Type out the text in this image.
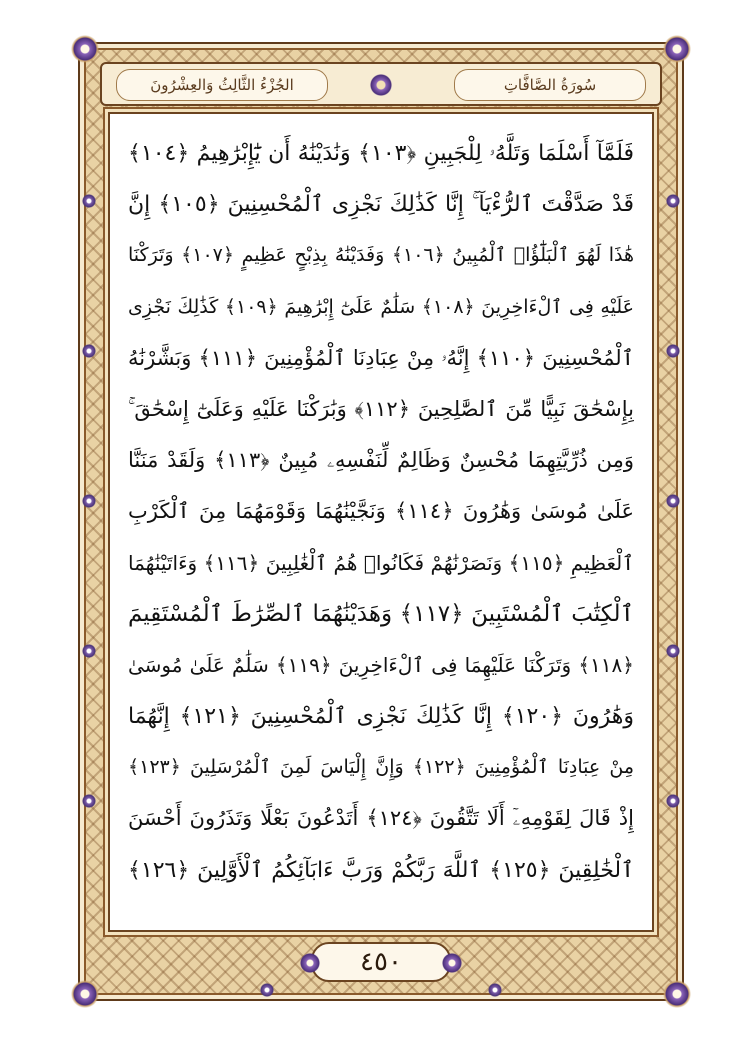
سُورَةُ الصَّافَّاتِ
الجُزْءُ الثَّالِثُ وَالعِشْرُونَ
فَلَمَّآ أَسْلَمَا وَتَلَّهُۥ لِلْجَبِينِ ﴿١٠٣﴾ وَنَٰدَيْنَٰهُ أَن يَٰٓإِبْرَٰهِيمُ ﴿١٠٤﴾
قَدْ صَدَّقْتَ ٱلرُّءْيَآ ۚ إِنَّا كَذَٰلِكَ نَجْزِى ٱلْمُحْسِنِينَ ﴿١٠٥﴾ إِنَّ
هَٰذَا لَهُوَ ٱلْبَلَٰٓؤُا۟ ٱلْمُبِينُ ﴿١٠٦﴾ وَفَدَيْنَٰهُ بِذِبْحٍ عَظِيمٍ ﴿١٠٧﴾ وَتَرَكْنَا
عَلَيْهِ فِى ٱلْءَاخِرِينَ ﴿١٠٨﴾ سَلَٰمٌ عَلَىٰٓ إِبْرَٰهِيمَ ﴿١٠٩﴾ كَذَٰلِكَ نَجْزِى
ٱلْمُحْسِنِينَ ﴿١١٠﴾ إِنَّهُۥ مِنْ عِبَادِنَا ٱلْمُؤْمِنِينَ ﴿١١١﴾ وَبَشَّرْنَٰهُ
بِإِسْحَٰقَ نَبِيًّا مِّنَ ٱلصَّٰلِحِينَ ﴿١١٢﴾ وَبَٰرَكْنَا عَلَيْهِ وَعَلَىٰٓ إِسْحَٰقَ ۚ
وَمِن ذُرِّيَّتِهِمَا مُحْسِنٌ وَظَالِمٌ لِّنَفْسِهِۦ مُبِينٌ ﴿١١٣﴾ وَلَقَدْ مَنَنَّا
عَلَىٰ مُوسَىٰ وَهَٰرُونَ ﴿١١٤﴾ وَنَجَّيْنَٰهُمَا وَقَوْمَهُمَا مِنَ ٱلْكَرْبِ
ٱلْعَظِيمِ ﴿١١٥﴾ وَنَصَرْنَٰهُمْ فَكَانُوا۟ هُمُ ٱلْغَٰلِبِينَ ﴿١١٦﴾ وَءَاتَيْنَٰهُمَا
ٱلْكِتَٰبَ ٱلْمُسْتَبِينَ ﴿١١٧﴾ وَهَدَيْنَٰهُمَا ٱلصِّرَٰطَ ٱلْمُسْتَقِيمَ
﴿١١٨﴾ وَتَرَكْنَا عَلَيْهِمَا فِى ٱلْءَاخِرِينَ ﴿١١٩﴾ سَلَٰمٌ عَلَىٰ مُوسَىٰ
وَهَٰرُونَ ﴿١٢٠﴾ إِنَّا كَذَٰلِكَ نَجْزِى ٱلْمُحْسِنِينَ ﴿١٢١﴾ إِنَّهُمَا
مِنْ عِبَادِنَا ٱلْمُؤْمِنِينَ ﴿١٢٢﴾ وَإِنَّ إِلْيَاسَ لَمِنَ ٱلْمُرْسَلِينَ ﴿١٢٣﴾
إِذْ قَالَ لِقَوْمِهِۦٓ أَلَا تَتَّقُونَ ﴿١٢٤﴾ أَتَدْعُونَ بَعْلًا وَتَذَرُونَ أَحْسَنَ
ٱلْخَٰلِقِينَ ﴿١٢٥﴾ ٱللَّهَ رَبَّكُمْ وَرَبَّ ءَابَآئِكُمُ ٱلْأَوَّلِينَ ﴿١٢٦﴾
٤٥٠
